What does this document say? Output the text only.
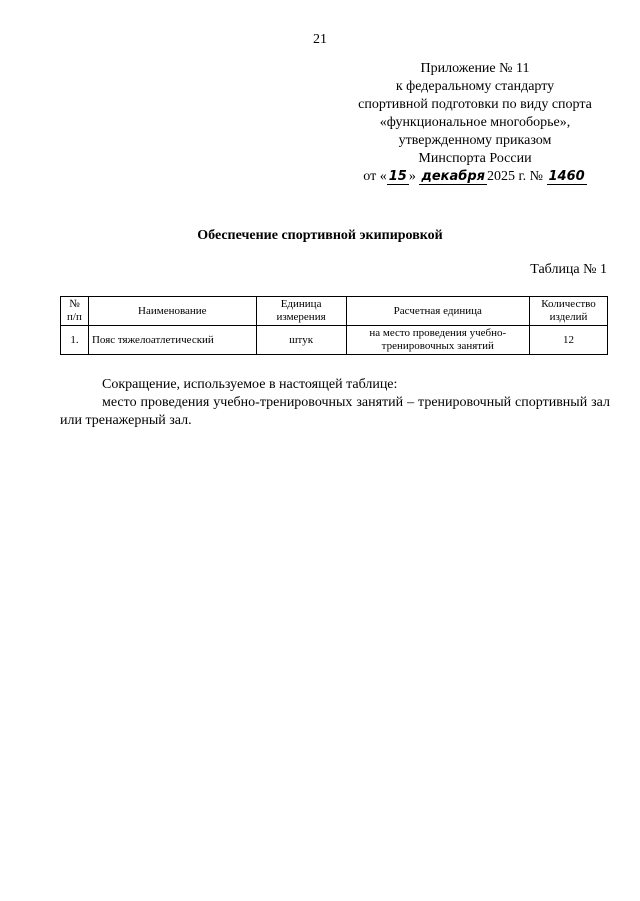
21
Приложение № 11
к федеральному стандарту
спортивной подготовки по виду спорта
«функциональное многоборье»,
утвержденному приказом
Минспорта России
от « 15 » декабря 2025 г. № 1460
Обеспечение спортивной экипировкой
Таблица № 1
№ п/п	Наименование	Единица измерения	Расчетная единица	Количество изделий
1.	Пояс тяжелоатлетический	штук	на место проведения учебно-тренировочных занятий	12

Сокращение, используемое в настоящей таблице:

место проведения учебно-тренировочных занятий – тренировочный спортивный зал или тренажерный зал.
